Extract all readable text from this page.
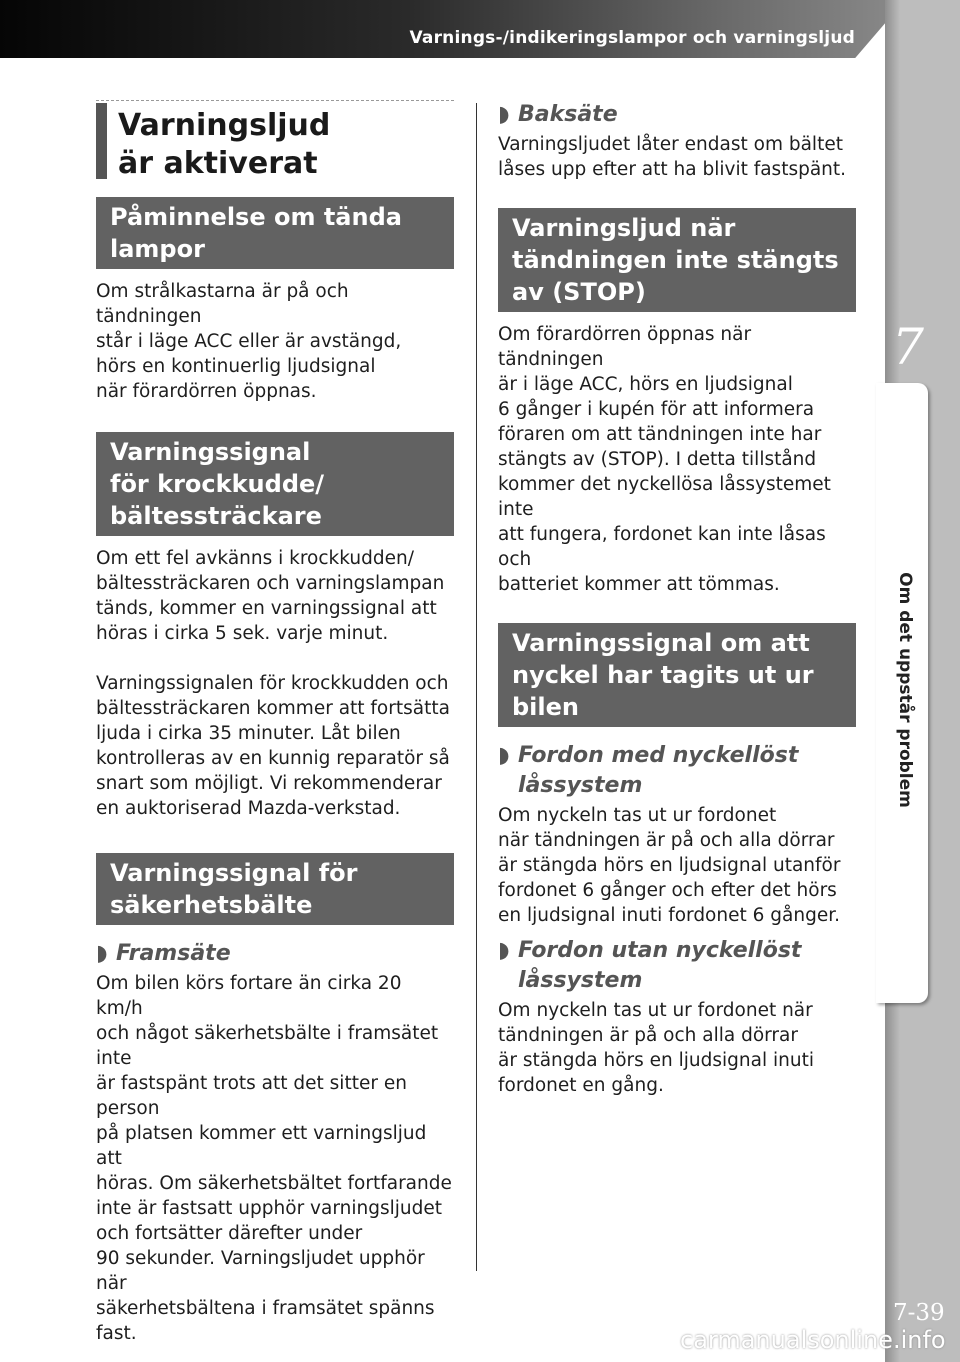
Varnings-/indikeringslampor och varningsljud
7
Om det uppstår problem
7-39
carmanualsonline.info
Varningsljud
är aktiverat
Påminnelse om tända
lampor

Om strålkastarna är på och tändningen
står i läge ACC eller är avstängd,
hörs en kontinuerlig ljudsignal
när förardörren öppnas.

Varningssignal
för krockkudde/
bältessträckare

Om ett fel avkänns i krockkudden/
bältessträckaren och varningslampan
tänds, kommer en varningssignal att
höras i cirka 5 sek. varje minut.

Varningssignalen för krockkudden och
bältessträckaren kommer att fortsätta
ljuda i cirka 35 minuter. Låt bilen
kontrolleras av en kunnig reparatör så
snart som möjligt. Vi rekommenderar
en auktoriserad Mazda-verkstad.

Varningssignal för
säkerhetsbälte
◗ Framsäte

Om bilen körs fortare än cirka 20 km/h
och något säkerhetsbälte i framsätet inte
är fastspänt trots att det sitter en person
på platsen kommer ett varningsljud att
höras. Om säkerhetsbältet fortfarande
inte är fastsatt upphör varningsljudet
och fortsätter därefter under
90 sekunder. Varningsljudet upphör när
säkerhetsbältena i framsätet spänns fast.

◗ Baksäte

Varningsljudet låter endast om bältet
låses upp efter att ha blivit fastspänt.

Varningsljud när
tändningen inte stängts
av (STOP)

Om förardörren öppnas när tändningen
är i läge ACC, hörs en ljudsignal
6 gånger i kupén för att informera
föraren om att tändningen inte har
stängts av (STOP). I detta tillstånd
kommer det nyckellösa låssystemet inte
att fungera, fordonet kan inte låsas och
batteriet kommer att tömmas.

Varningssignal om att
nyckel har tagits ut ur bilen
◗ Fordon med nyckellöst
låssystem

Om nyckeln tas ut ur fordonet
när tändningen är på och alla dörrar
är stängda hörs en ljudsignal utanför
fordonet 6 gånger och efter det hörs
en ljudsignal inuti fordonet 6 gånger.

◗ Fordon utan nyckellöst
låssystem

Om nyckeln tas ut ur fordonet när
tändningen är på och alla dörrar
är stängda hörs en ljudsignal inuti
fordonet en gång.
